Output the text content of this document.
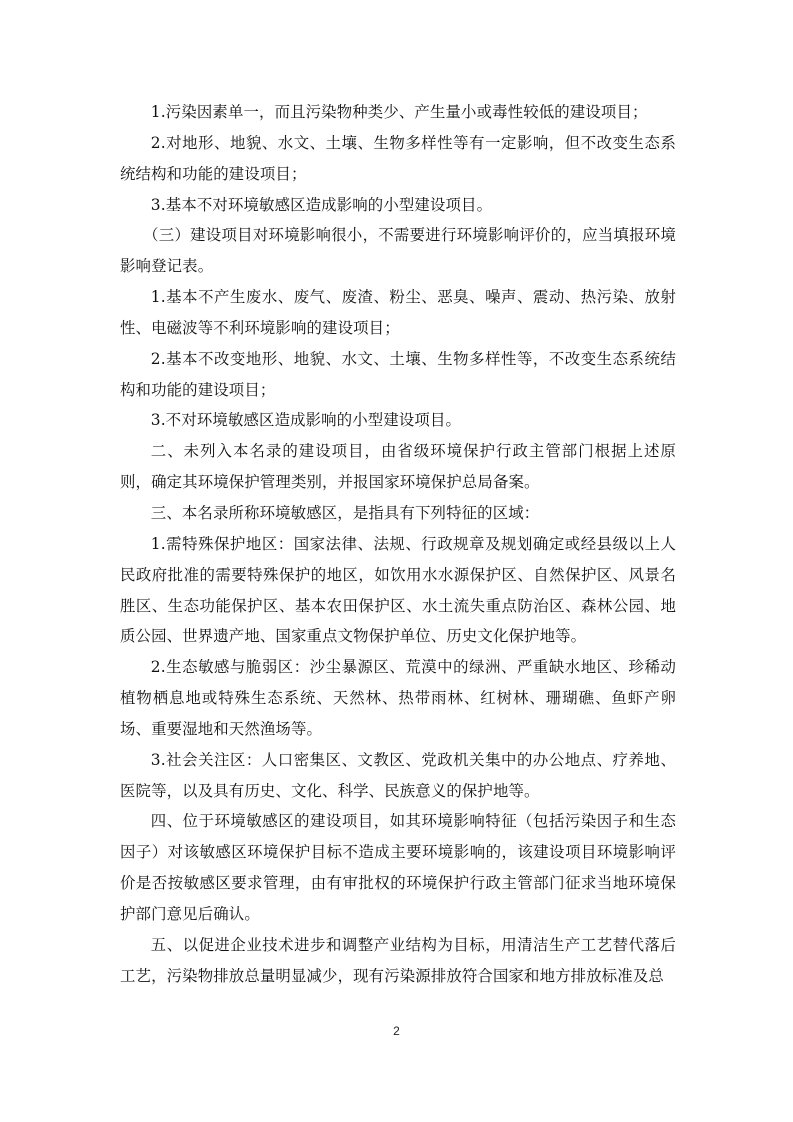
1.污染因素单一，而且污染物种类少、产生量小或毒性较低的建设项目；

2.对地形、地貌、水文、土壤、生物多样性等有一定影响，但不改变生态系统结构和功能的建设项目；

3.基本不对环境敏感区造成影响的小型建设项目。

（三）建设项目对环境影响很小，不需要进行环境影响评价的，应当填报环境影响登记表。

1.基本不产生废水、废气、废渣、粉尘、恶臭、噪声、震动、热污染、放射性、电磁波等不利环境影响的建设项目；

2.基本不改变地形、地貌、水文、土壤、生物多样性等，不改变生态系统结构和功能的建设项目；

3.不对环境敏感区造成影响的小型建设项目。

二、未列入本名录的建设项目，由省级环境保护行政主管部门根据上述原则，确定其环境保护管理类别，并报国家环境保护总局备案。

三、本名录所称环境敏感区，是指具有下列特征的区域：

1.需特殊保护地区：国家法律、法规、行政规章及规划确定或经县级以上人民政府批准的需要特殊保护的地区，如饮用水水源保护区、自然保护区、风景名胜区、生态功能保护区、基本农田保护区、水土流失重点防治区、森林公园、地质公园、世界遗产地、国家重点文物保护单位、历史文化保护地等。

2.生态敏感与脆弱区：沙尘暴源区、荒漠中的绿洲、严重缺水地区、珍稀动植物栖息地或特殊生态系统、天然林、热带雨林、红树林、珊瑚礁、鱼虾产卵场、重要湿地和天然渔场等。

3.社会关注区：人口密集区、文教区、党政机关集中的办公地点、疗养地、医院等，以及具有历史、文化、科学、民族意义的保护地等。

四、位于环境敏感区的建设项目，如其环境影响特征（包括污染因子和生态因子）对该敏感区环境保护目标不造成主要环境影响的，该建设项目环境影响评价是否按敏感区要求管理，由有审批权的环境保护行政主管部门征求当地环境保护部门意见后确认。

五、以促进企业技术进步和调整产业结构为目标，用清洁生产工艺替代落后工艺，污染物排放总量明显减少，现有污染源排放符合国家和地方排放标准及总

2
